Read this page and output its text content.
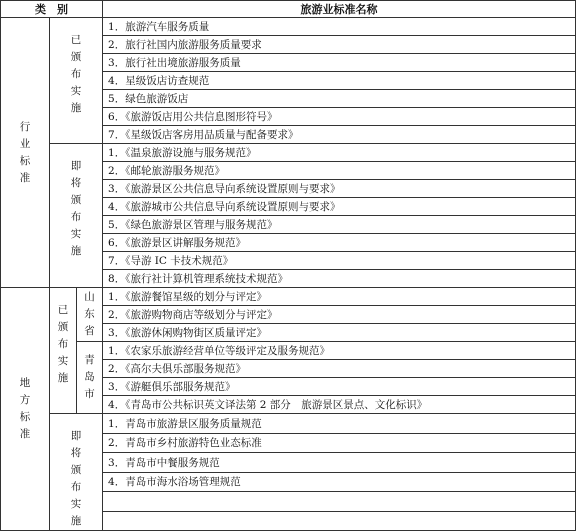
类　别			旅游业标准名称

行业标准	已颁布实施		1．旅游汽车服务质量
			2．旅行社国内旅游服务质量要求
			3．旅行社出境旅游服务质量
			4．星级饭店访查规范
			5．绿色旅游饭店
			6．《旅游饭店用公共信息图形符号》
			7．《星级饭店客房用品质量与配备要求》

	即将颁布实施		1．《温泉旅游设施与服务规范》
			2．《邮轮旅游服务规范》
			3．《旅游景区公共信息导向系统设置原则与要求》
			4．《旅游城市公共信息导向系统设置原则与要求》
			5．《绿色旅游景区管理与服务规范》
			6．《旅游景区讲解服务规范》
			7．《导游 IC 卡技术规范》
			8．《旅行社计算机管理系统技术规范》

地方标准	已颁布实施	山东省	1．《旅游餐馆星级的划分与评定》
			2．《旅游购物商店等级划分与评定》
			3．《旅游休闲购物街区质量评定》

		青岛市	1．《农家乐旅游经营单位等级评定及服务规范》
			2．《高尔夫俱乐部服务规范》
			3．《游艇俱乐部服务规范》
			4．《青岛市公共标识英文译法第 2 部分　旅游景区景点、文化标识》

	即将颁布实施		1．青岛市旅游景区服务质量规范
			2．青岛市乡村旅游特色业态标准
			3．青岛市中餐服务规范
			4．青岛市海水浴场管理规范
